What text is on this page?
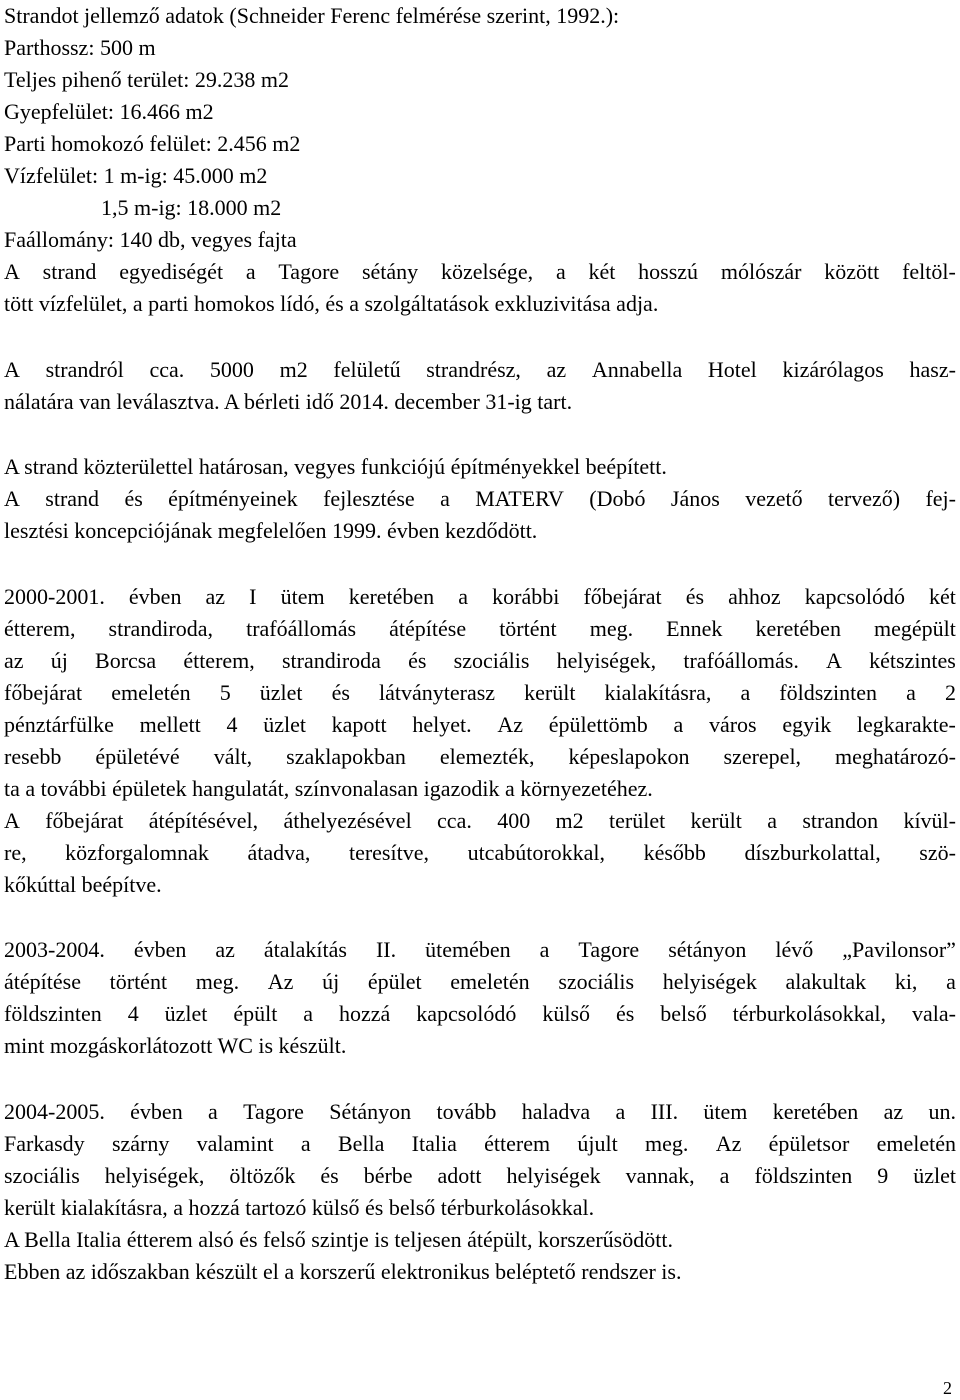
Strandot jellemző adatok (Schneider Ferenc felmérése szerint, 1992.):
Parthossz: 500 m
Teljes pihenő terület: 29.238 m2
Gyepfelület: 16.466 m2
Parti homokozó felület: 2.456 m2
Vízfelület: 1 m-ig: 45.000 m2
1,5 m-ig: 18.000 m2
Faállomány: 140 db, vegyes fajta
A strand egyediségét a Tagore sétány közelsége, a két hosszú mólószár között feltöl-
tött vízfelület, a parti homokos lídó, és a szolgáltatások exkluzivitása adja.
A strandról cca. 5000 m2 felületű strandrész, az Annabella Hotel kizárólagos hasz-
nálatára van leválasztva. A bérleti idő 2014. december 31-ig tart.
A strand közterülettel határosan, vegyes funkciójú építményekkel beépített.
A strand és építményeinek fejlesztése a MATERV (Dobó János vezető tervező) fej-
lesztési koncepciójának megfelelően 1999. évben kezdődött.
2000-2001. évben az I ütem keretében a korábbi főbejárat és ahhoz kapcsolódó két
étterem, strandiroda, trafóállomás átépítése történt meg. Ennek keretében megépült
az új Borcsa étterem, strandiroda és szociális helyiségek, trafóállomás. A kétszintes
főbejárat emeletén 5 üzlet és látványterasz került kialakításra, a földszinten a 2
pénztárfülke mellett 4 üzlet kapott helyet. Az épülettömb a város egyik legkarakte-
resebb épületévé vált, szaklapokban elemezték, képeslapokon szerepel, meghatározó-
ta a további épületek hangulatát, színvonalasan igazodik a környezetéhez.
A főbejárat átépítésével, áthelyezésével cca. 400 m2 terület került a strandon kívül-
re, közforgalomnak átadva, teresítve, utcabútorokkal, később díszburkolattal, szö-
kőkúttal beépítve.
2003-2004. évben az átalakítás II. ütemében a Tagore sétányon lévő „Pavilonsor”
átépítése történt meg. Az új épület emeletén szociális helyiségek alakultak ki, a
földszinten 4 üzlet épült a hozzá kapcsolódó külső és belső térburkolásokkal, vala-
mint mozgáskorlátozott WC is készült.
2004-2005. évben a Tagore Sétányon tovább haladva a III. ütem keretében az un.
Farkasdy szárny valamint a Bella Italia étterem újult meg. Az épületsor emeletén
szociális helyiségek, öltözők és bérbe adott helyiségek vannak, a földszinten 9 üzlet
került kialakításra, a hozzá tartozó külső és belső térburkolásokkal.
A Bella Italia étterem alsó és felső szintje is teljesen átépült, korszerűsödött.
Ebben az időszakban készült el a korszerű elektronikus beléptető rendszer is.
2
